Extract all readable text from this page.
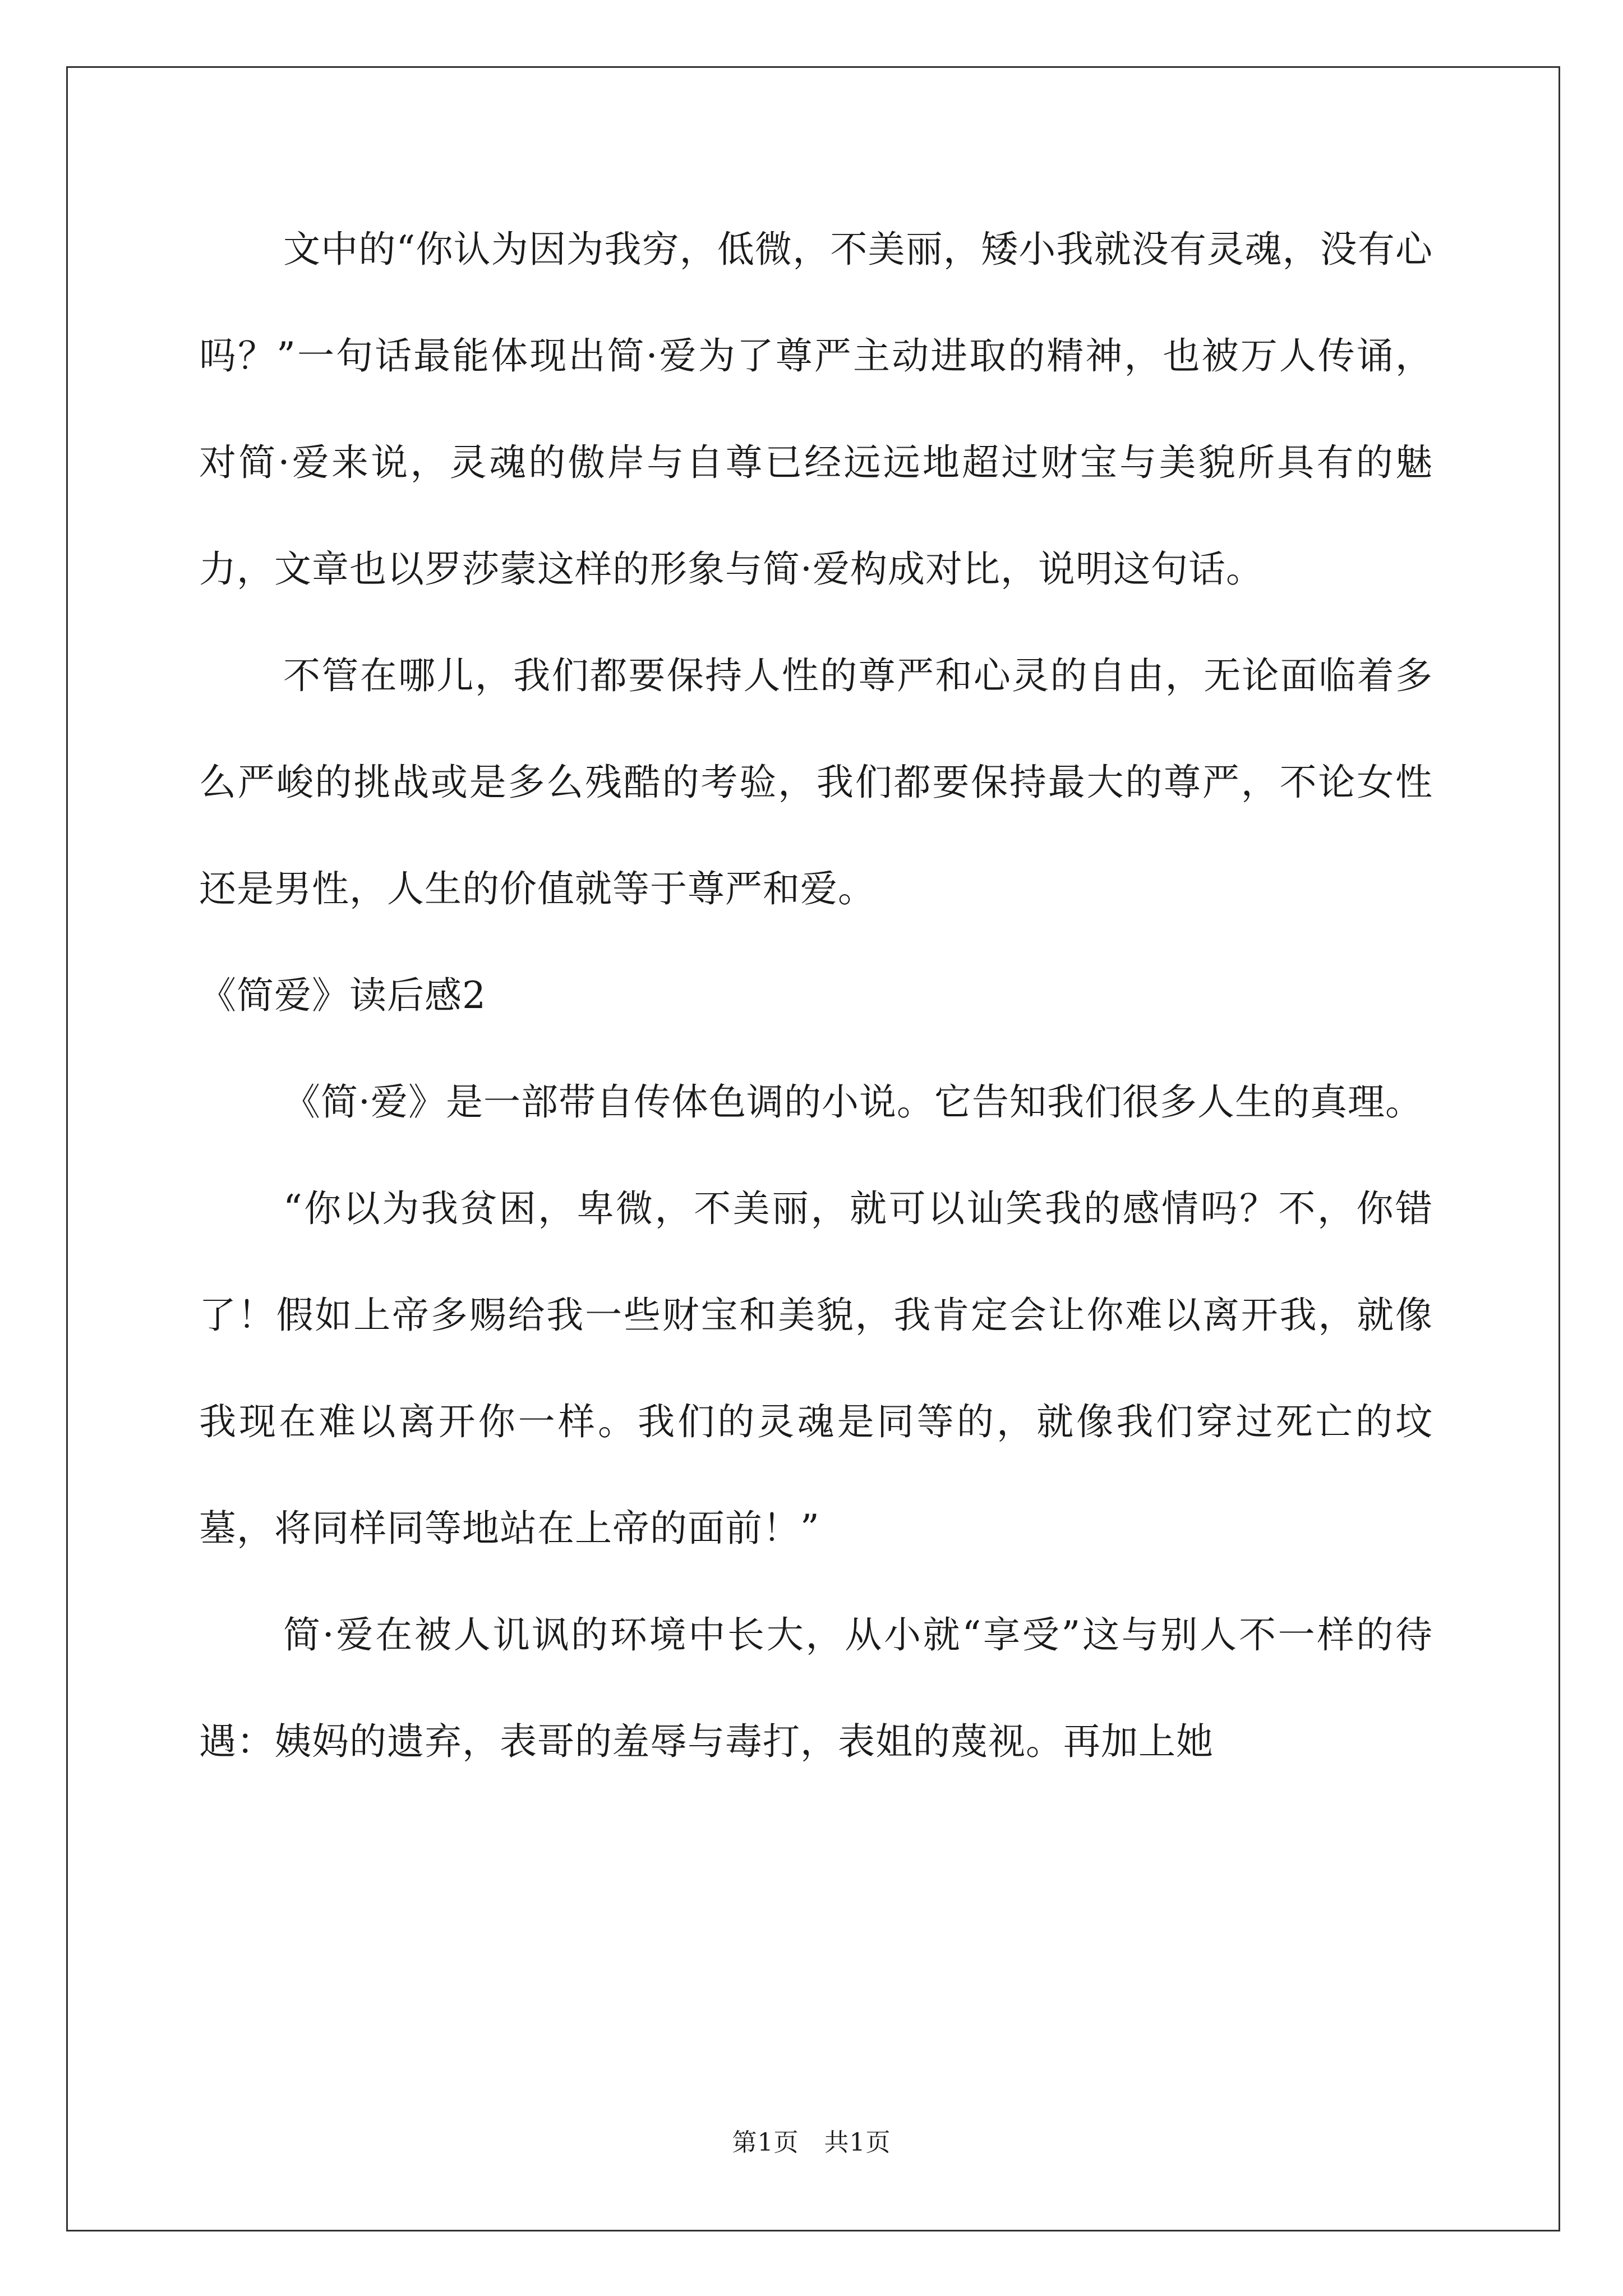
文中的“你认为因为我穷，低微，不美丽，矮小我就没有灵魂，没有心吗？”一句话最能体现出简·爱为了尊严主动进取的精神，也被万人传诵，对简·爱来说，灵魂的傲岸与自尊已经远远地超过财宝与美貌所具有的魅力，文章也以罗莎蒙这样的形象与简·爱构成对比，说明这句话。

不管在哪儿，我们都要保持人性的尊严和心灵的自由，无论面临着多么严峻的挑战或是多么残酷的考验，我们都要保持最大的尊严，不论女性还是男性，人生的价值就等于尊严和爱。

《简爱》读后感2

《简·爱》是一部带自传体色调的小说。它告知我们很多人生的真理。

“你以为我贫困，卑微，不美丽，就可以讪笑我的感情吗？不，你错了！假如上帝多赐给我一些财宝和美貌，我肯定会让你难以离开我，就像我现在难以离开你一样。我们的灵魂是同等的，就像我们穿过死亡的坟墓，将同样同等地站在上帝的面前！”

简·爱在被人讥讽的环境中长大，从小就“享受”这与别人不一样的待遇：姨妈的遗弃，表哥的羞辱与毒打，表姐的蔑视。再加上她

第1页　共1页
